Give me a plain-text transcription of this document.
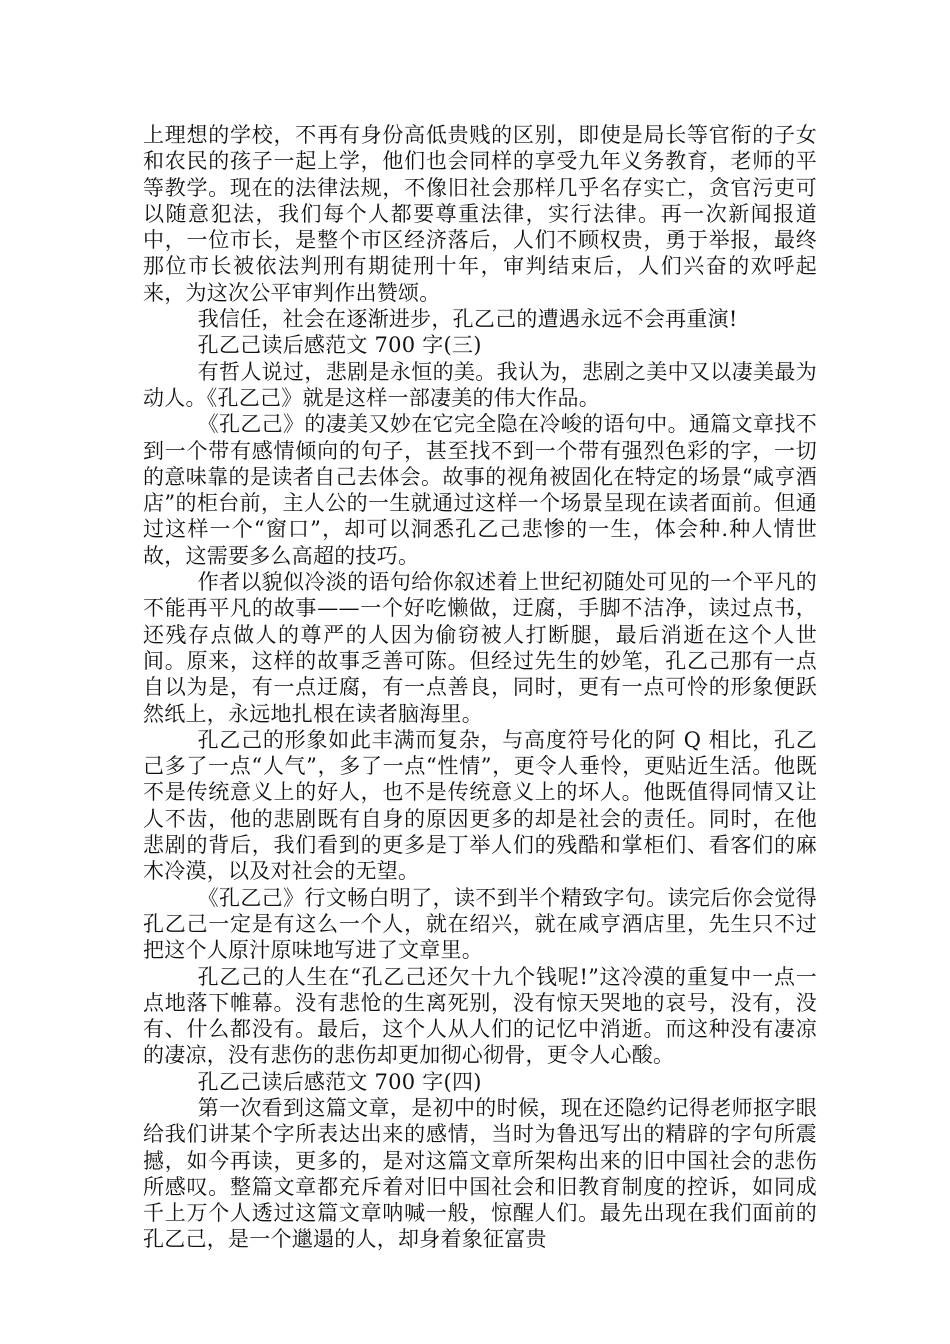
上理想的学校，不再有身份高低贵贱的区别，即使是局长等官衔的子女和农民的孩子一起上学，他们也会同样的享受九年义务教育，老师的平等教学。现在的法律法规，不像旧社会那样几乎名存实亡，贪官污吏可以随意犯法，我们每个人都要尊重法律，实行法律。再一次新闻报道中，一位市长，是整个市区经济落后，人们不顾权贵，勇于举报，最终那位市长被依法判刑有期徒刑十年，审判结束后，人们兴奋的欢呼起来，为这次公平审判作出赞颂。

我信任，社会在逐渐进步，孔乙己的遭遇永远不会再重演!

孔乙己读后感范文 700 字(三)

有哲人说过，悲剧是永恒的美。我认为，悲剧之美中又以凄美最为动人。《孔乙己》就是这样一部凄美的伟大作品。

《孔乙己》的凄美又妙在它完全隐在冷峻的语句中。通篇文章找不到一个带有感情倾向的句子，甚至找不到一个带有强烈色彩的字，一切的意味靠的是读者自己去体会。故事的视角被固化在特定的场景“咸亨酒店”的柜台前，主人公的一生就通过这样一个场景呈现在读者面前。但通过这样一个“窗口”，却可以洞悉孔乙己悲惨的一生，体会种.种人情世故，这需要多么高超的技巧。

作者以貌似冷淡的语句给你叙述着上世纪初随处可见的一个平凡的不能再平凡的故事——一个好吃懒做，迂腐，手脚不洁净，读过点书，还残存点做人的尊严的人因为偷窃被人打断腿，最后消逝在这个人世间。原来，这样的故事乏善可陈。但经过先生的妙笔，孔乙己那有一点自以为是，有一点迂腐，有一点善良，同时，更有一点可怜的形象便跃然纸上，永远地扎根在读者脑海里。

孔乙己的形象如此丰满而复杂，与高度符号化的阿 Q 相比，孔乙己多了一点“人气”，多了一点“性情”，更令人垂怜，更贴近生活。他既不是传统意义上的好人，也不是传统意义上的坏人。他既值得同情又让人不齿，他的悲剧既有自身的原因更多的却是社会的责任。同时，在他悲剧的背后，我们看到的更多是丁举人们的残酷和掌柜们、看客们的麻木冷漠，以及对社会的无望。

《孔乙己》行文畅白明了，读不到半个精致字句。读完后你会觉得孔乙己一定是有这么一个人，就在绍兴，就在咸亨酒店里，先生只不过把这个人原汁原味地写进了文章里。

孔乙己的人生在“孔乙己还欠十九个钱呢!”这冷漠的重复中一点一点地落下帷幕。没有悲怆的生离死别，没有惊天哭地的哀号，没有，没有、什么都没有。最后，这个人从人们的记忆中消逝。而这种没有凄凉的凄凉，没有悲伤的悲伤却更加彻心彻骨，更令人心酸。

孔乙己读后感范文 700 字(四)

第一次看到这篇文章，是初中的时候，现在还隐约记得老师抠字眼给我们讲某个字所表达出来的感情，当时为鲁迅写出的精辟的字句所震撼，如今再读，更多的，是对这篇文章所架构出来的旧中国社会的悲伤所感叹。整篇文章都充斥着对旧中国社会和旧教育制度的控诉，如同成千上万个人透过这篇文章呐喊一般，惊醒人们。最先出现在我们面前的孔乙己，是一个邋遢的人，却身着象征富贵
